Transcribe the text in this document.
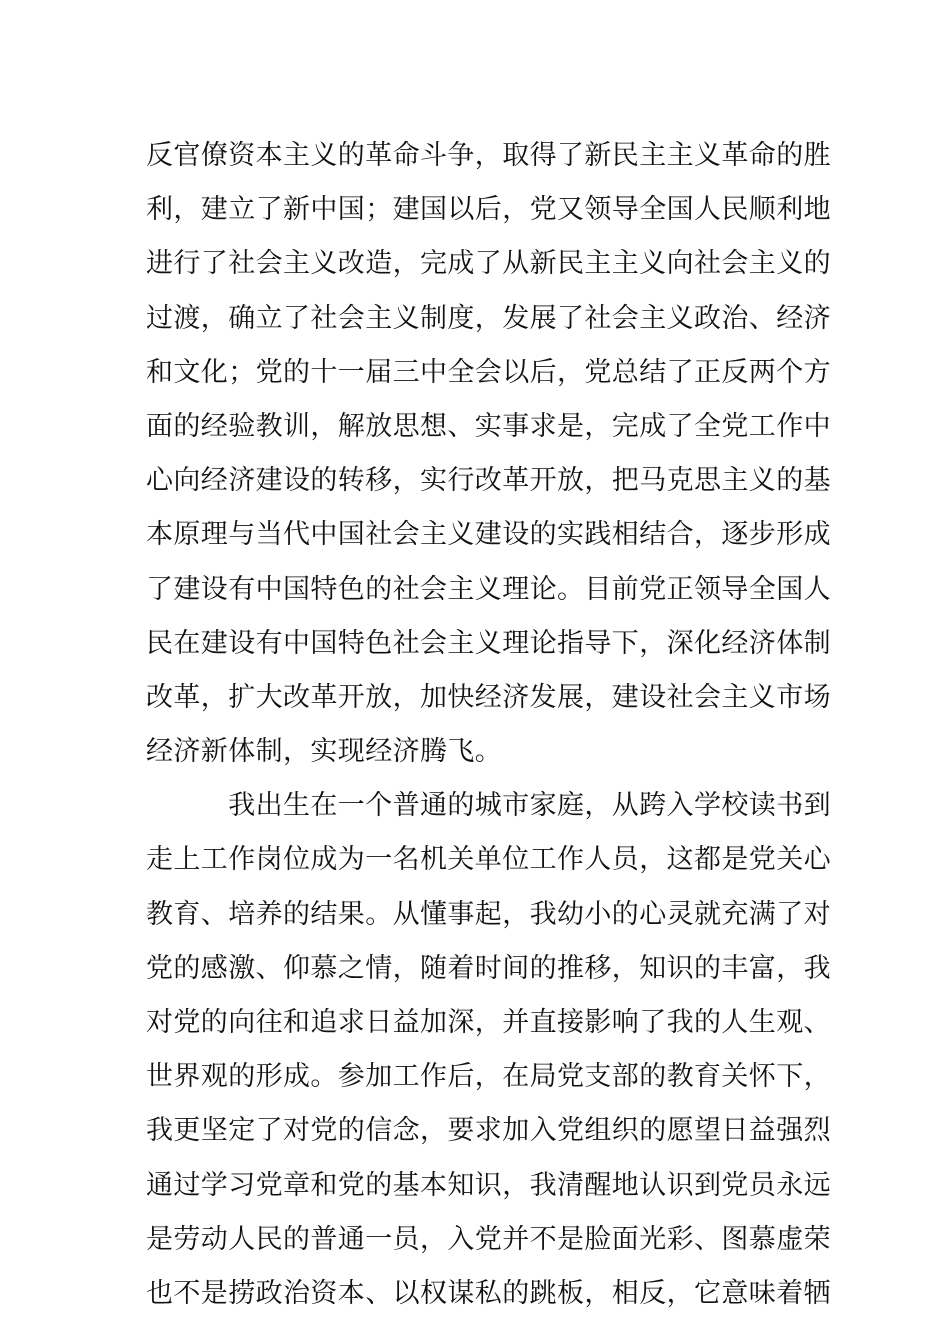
反官僚资本主义的革命斗争，取得了新民主主义革命的胜
利，建立了新中国；建国以后，党又领导全国人民顺利地
进行了社会主义改造，完成了从新民主主义向社会主义的
过渡，确立了社会主义制度，发展了社会主义政治、经济
和文化；党的十一届三中全会以后，党总结了正反两个方
面的经验教训，解放思想、实事求是，完成了全党工作中
心向经济建设的转移，实行改革开放，把马克思主义的基
本原理与当代中国社会主义建设的实践相结合，逐步形成
了建设有中国特色的社会主义理论。目前党正领导全国人
民在建设有中国特色社会主义理论指导下，深化经济体制
改革，扩大改革开放，加快经济发展，建设社会主义市场
经济新体制，实现经济腾飞。
　　　我出生在一个普通的城市家庭，从跨入学校读书到
走上工作岗位成为一名机关单位工作人员，这都是党关心
教育、培养的结果。从懂事起，我幼小的心灵就充满了对
党的感激、仰慕之情，随着时间的推移，知识的丰富，我
对党的向往和追求日益加深，并直接影响了我的人生观、
世界观的形成。参加工作后，在局党支部的教育关怀下，
我更坚定了对党的信念，要求加入党组织的愿望日益强烈
通过学习党章和党的基本知识，我清醒地认识到党员永远
是劳动人民的普通一员，入党并不是脸面光彩、图慕虚荣
也不是捞政治资本、以权谋私的跳板，相反，它意味着牺
